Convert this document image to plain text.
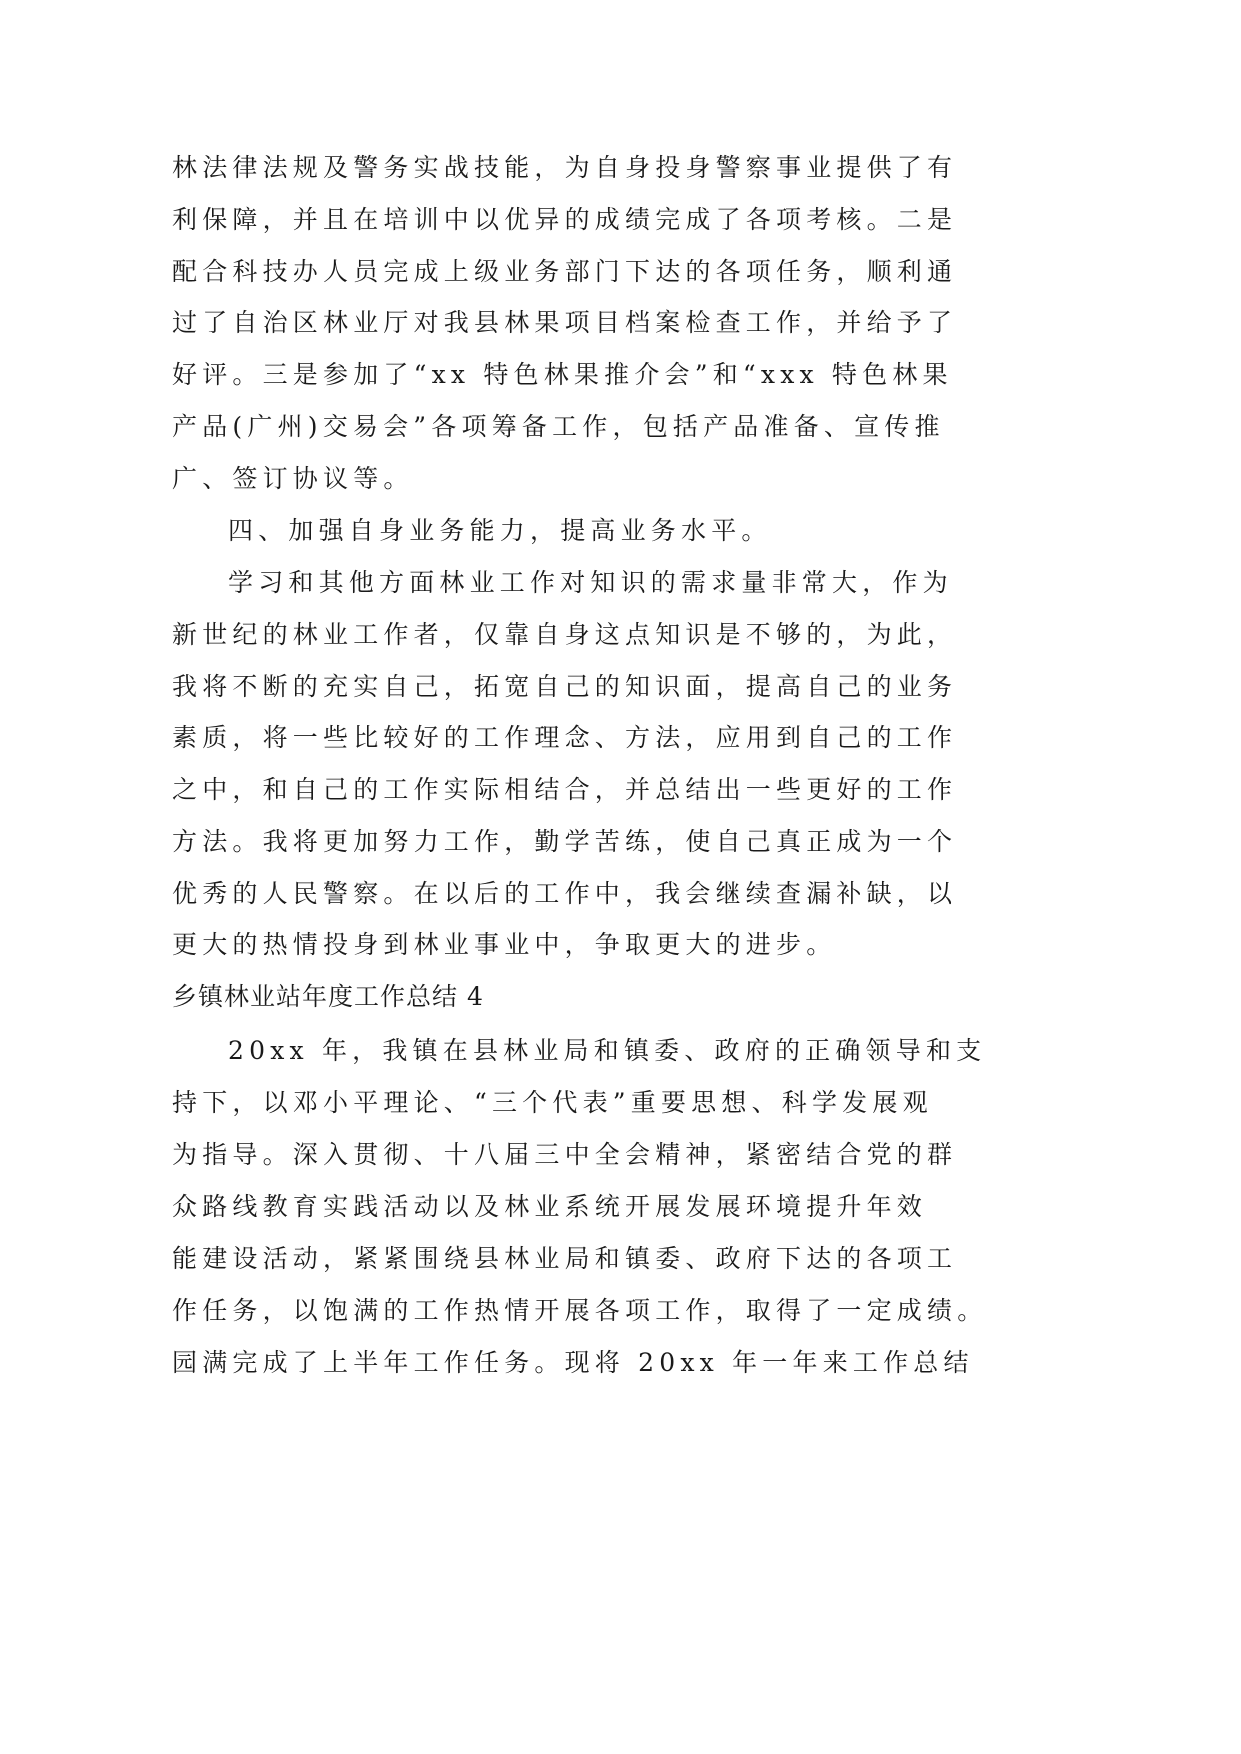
林法律法规及警务实战技能，为自身投身警察事业提供了有
利保障，并且在培训中以优异的成绩完成了各项考核。二是
配合科技办人员完成上级业务部门下达的各项任务，顺利通
过了自治区林业厅对我县林果项目档案检查工作，并给予了
好评。三是参加了“xx 特色林果推介会”和“xxx 特色林果
产品(广州)交易会”各项筹备工作，包括产品准备、宣传推
广、签订协议等。
四、加强自身业务能力，提高业务水平。
学习和其他方面林业工作对知识的需求量非常大，作为
新世纪的林业工作者，仅靠自身这点知识是不够的，为此，
我将不断的充实自己，拓宽自己的知识面，提高自己的业务
素质，将一些比较好的工作理念、方法，应用到自己的工作
之中，和自己的工作实际相结合，并总结出一些更好的工作
方法。我将更加努力工作，勤学苦练，使自己真正成为一个
优秀的人民警察。在以后的工作中，我会继续查漏补缺，以
更大的热情投身到林业事业中，争取更大的进步。
乡镇林业站年度工作总结 4
20xx 年，我镇在县林业局和镇委、政府的正确领导和支
持下，以邓小平理论、“三个代表”重要思想、科学发展观
为指导。深入贯彻、十八届三中全会精神，紧密结合党的群
众路线教育实践活动以及林业系统开展发展环境提升年效
能建设活动，紧紧围绕县林业局和镇委、政府下达的各项工
作任务，以饱满的工作热情开展各项工作，取得了一定成绩。
园满完成了上半年工作任务。现将 20xx 年一年来工作总结
